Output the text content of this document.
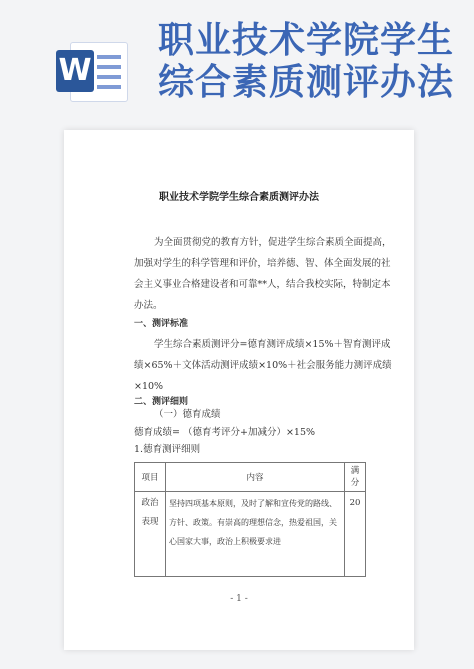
W
职业技术学院学生
综合素质测评办法
职业技术学院学生综合素质测评办法
为全面贯彻党的教育方针，促进学生综合素质全面提高，加强对学生的科学管理和评价，培养德、智、体全面发展的社会主义事业合格建设者和可靠**人，结合我校实际，特制定本办法。
一、测评标准
学生综合素质测评分=德育测评成绩×15%＋智育测评成绩×65%＋文体活动测评成绩×10%＋社会服务能力测评成绩×10%
二、测评细则
（一）德育成绩
德育成绩= （德育考评分+加减分）×15%
1.德育测评细则
项目	内容	满分
政治表现	坚持四项基本原则，及时了解和宣传党的路线、方针、政策。有崇高的理想信念，热爱祖国，关心国家大事，政治上积极要求进	20
- 1 -
